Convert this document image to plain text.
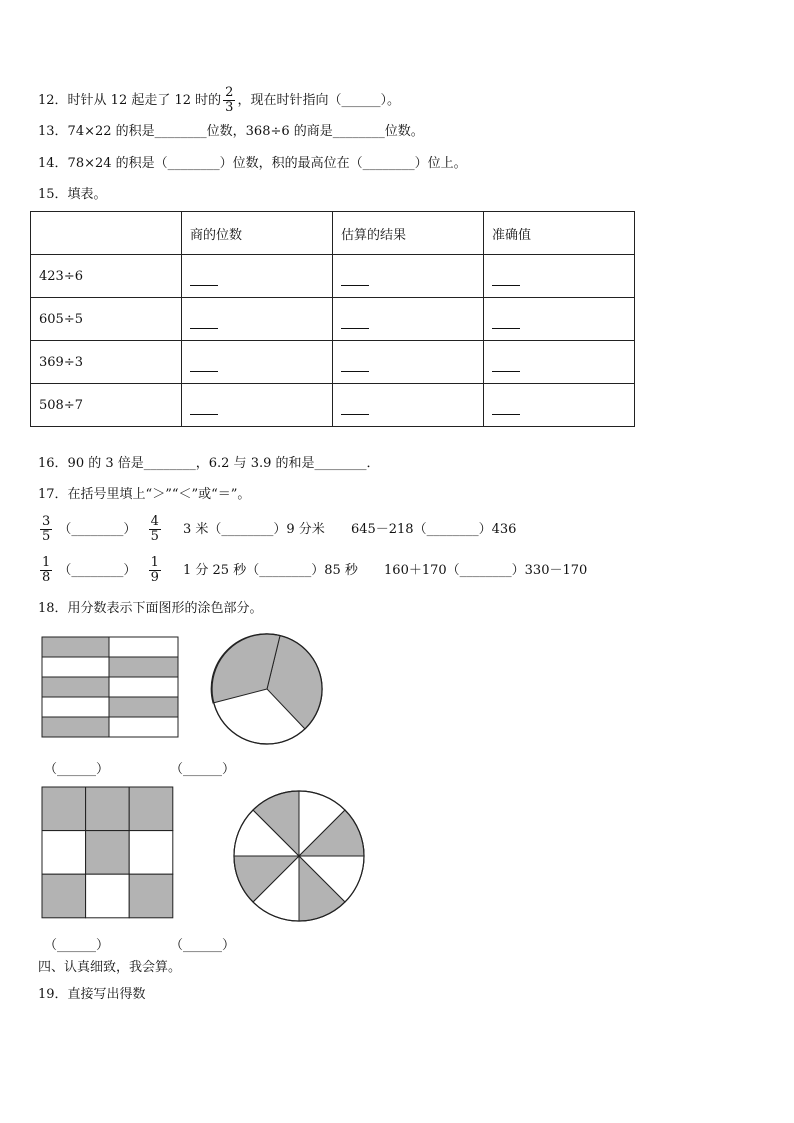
12．时针从 12 起走了 12 时的 $\frac{2}{3}$ ，现在时针指向（______）。
13．74×22 的积是________位数，368÷6 的商是________位数。
14．78×24 的积是（________）位数，积的最高位在（________）位上。
15．填表。
	商的位数	估算的结果	准确值
423÷6			
605÷5			
369÷3			
508÷7			
16．90 的 3 倍是________，6.2 与 3.9 的和是________．
17．在括号里填上“＞”“＜”或“＝”。
$\frac{3}{5}$ （________） $\frac{4}{5} 3$ 米（________）9 分米 645－218（________）436
$\frac{1}{8}$ （________） $\frac{1}{9} 1$ 分 25 秒（________）85 秒 160＋170（________）330－170
18．用分数表示下面图形的涂色部分。
（______）	（______）
（______）	（______）
四、认真细致，我会算。
19．直接写出得数
